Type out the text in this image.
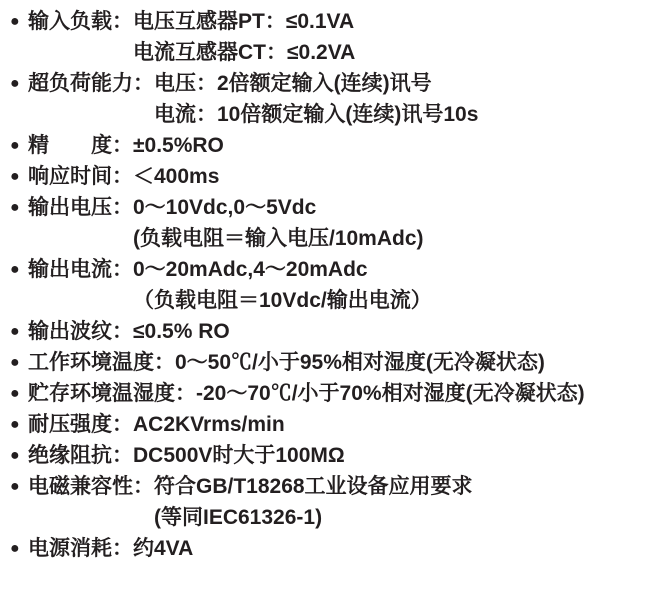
● 输入负载： 电压互感器PT：≤0.1VA
电流互感器CT：≤0.2VA
● 超负荷能力： 电压：2倍额定输入(连续)讯号
电流：10倍额定输入(连续)讯号10s
● 精　　度： ±0.5%RO
● 响应时间： ＜400ms
● 输出电压： 0～10Vdc,0～5Vdc
(负载电阻＝输入电压/10mAdc)
● 输出电流： 0～20mAdc,4～20mAdc
（负载电阻＝10Vdc/输出电流）
● 输出波纹： ≤0.5% RO
● 工作环境温度： 0～50℃/小于95%相对湿度(无冷凝状态)
● 贮存环境温湿度： -20～70℃/小于70%相对湿度(无冷凝状态)
● 耐压强度： AC2KVrms/min
● 绝缘阻抗： DC500V时大于100MΩ
● 电磁兼容性： 符合GB/T18268工业设备应用要求
(等同IEC61326-1)
● 电源消耗： 约4VA
